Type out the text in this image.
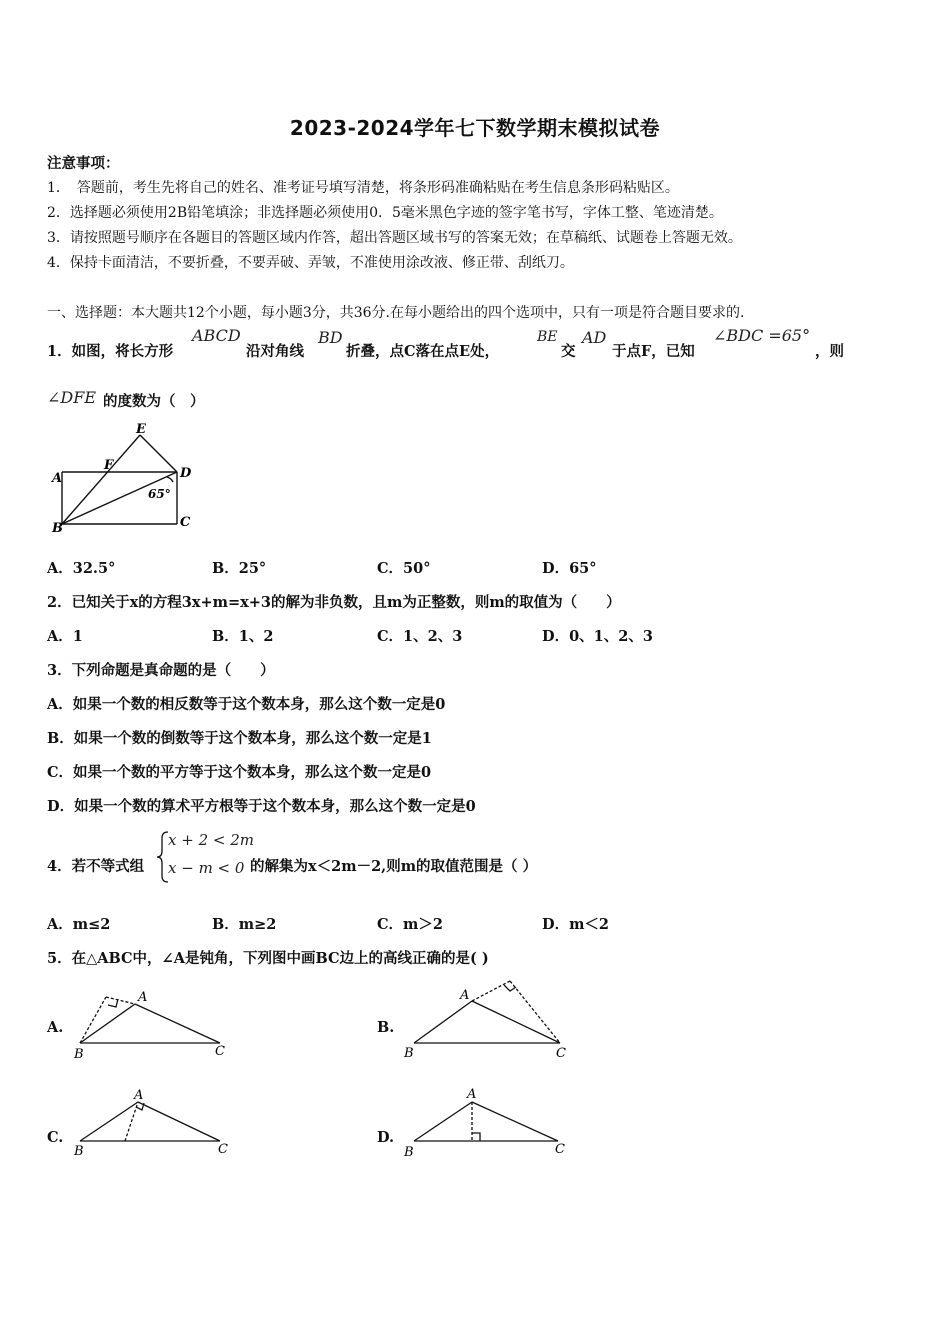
2023-2024学年七下数学期末模拟试卷
注意事项：
1．　答题前，考生先将自己的姓名、准考证号填写清楚，将条形码准确粘贴在考生信息条形码粘贴区。
2．选择题必须使用2B铅笔填涂；非选择题必须使用0．5毫米黑色字迹的签字笔书写，字体工整、笔迹清楚。
3．请按照题号顺序在各题目的答题区域内作答，超出答题区域书写的答案无效；在草稿纸、试题卷上答题无效。
4．保持卡面清洁，不要折叠，不要弄破、弄皱，不准使用涂改液、修正带、刮纸刀。
一、选择题：本大题共12个小题，每小题3分，共36分.在每小题给出的四个选项中，只有一项是符合题目要求的.
1．如图，将长方形
ABCD
沿对角线
BD
折叠，点C落在点E处，
BE
交
AD
于点F，已知
∠BDC =65°
，则
∠DFE 的度数为（　）
E
F
A	D
B	C
65°
A．32.5°	B．25°	C．50°	D．65°
2．已知关于x的方程3x+m=x+3的解为非负数，且m为正整数，则m的取值为（　　）
A．1	B．1、2	C．1、2、3	D．0、1、2、3
3．下列命题是真命题的是（　　）
A．如果一个数的相反数等于这个数本身，那么这个数一定是0
B．如果一个数的倒数等于这个数本身，那么这个数一定是1
C．如果一个数的平方等于这个数本身，那么这个数一定是0
D．如果一个数的算术平方根等于这个数本身，那么这个数一定是0
4．若不等式组
x + 2 < 2m
x − m < 0 的解集为x＜2m－2,则m的取值范围是（ ）
A．m≤2	B．m≥2	C．m＞2	D．m＜2
5．在△ABC中，∠A是钝角，下列图中画BC边上的高线正确的是( )
A.
A
B	C
B.
A
B	C
C.
A
B	C
D.
A
B	C
